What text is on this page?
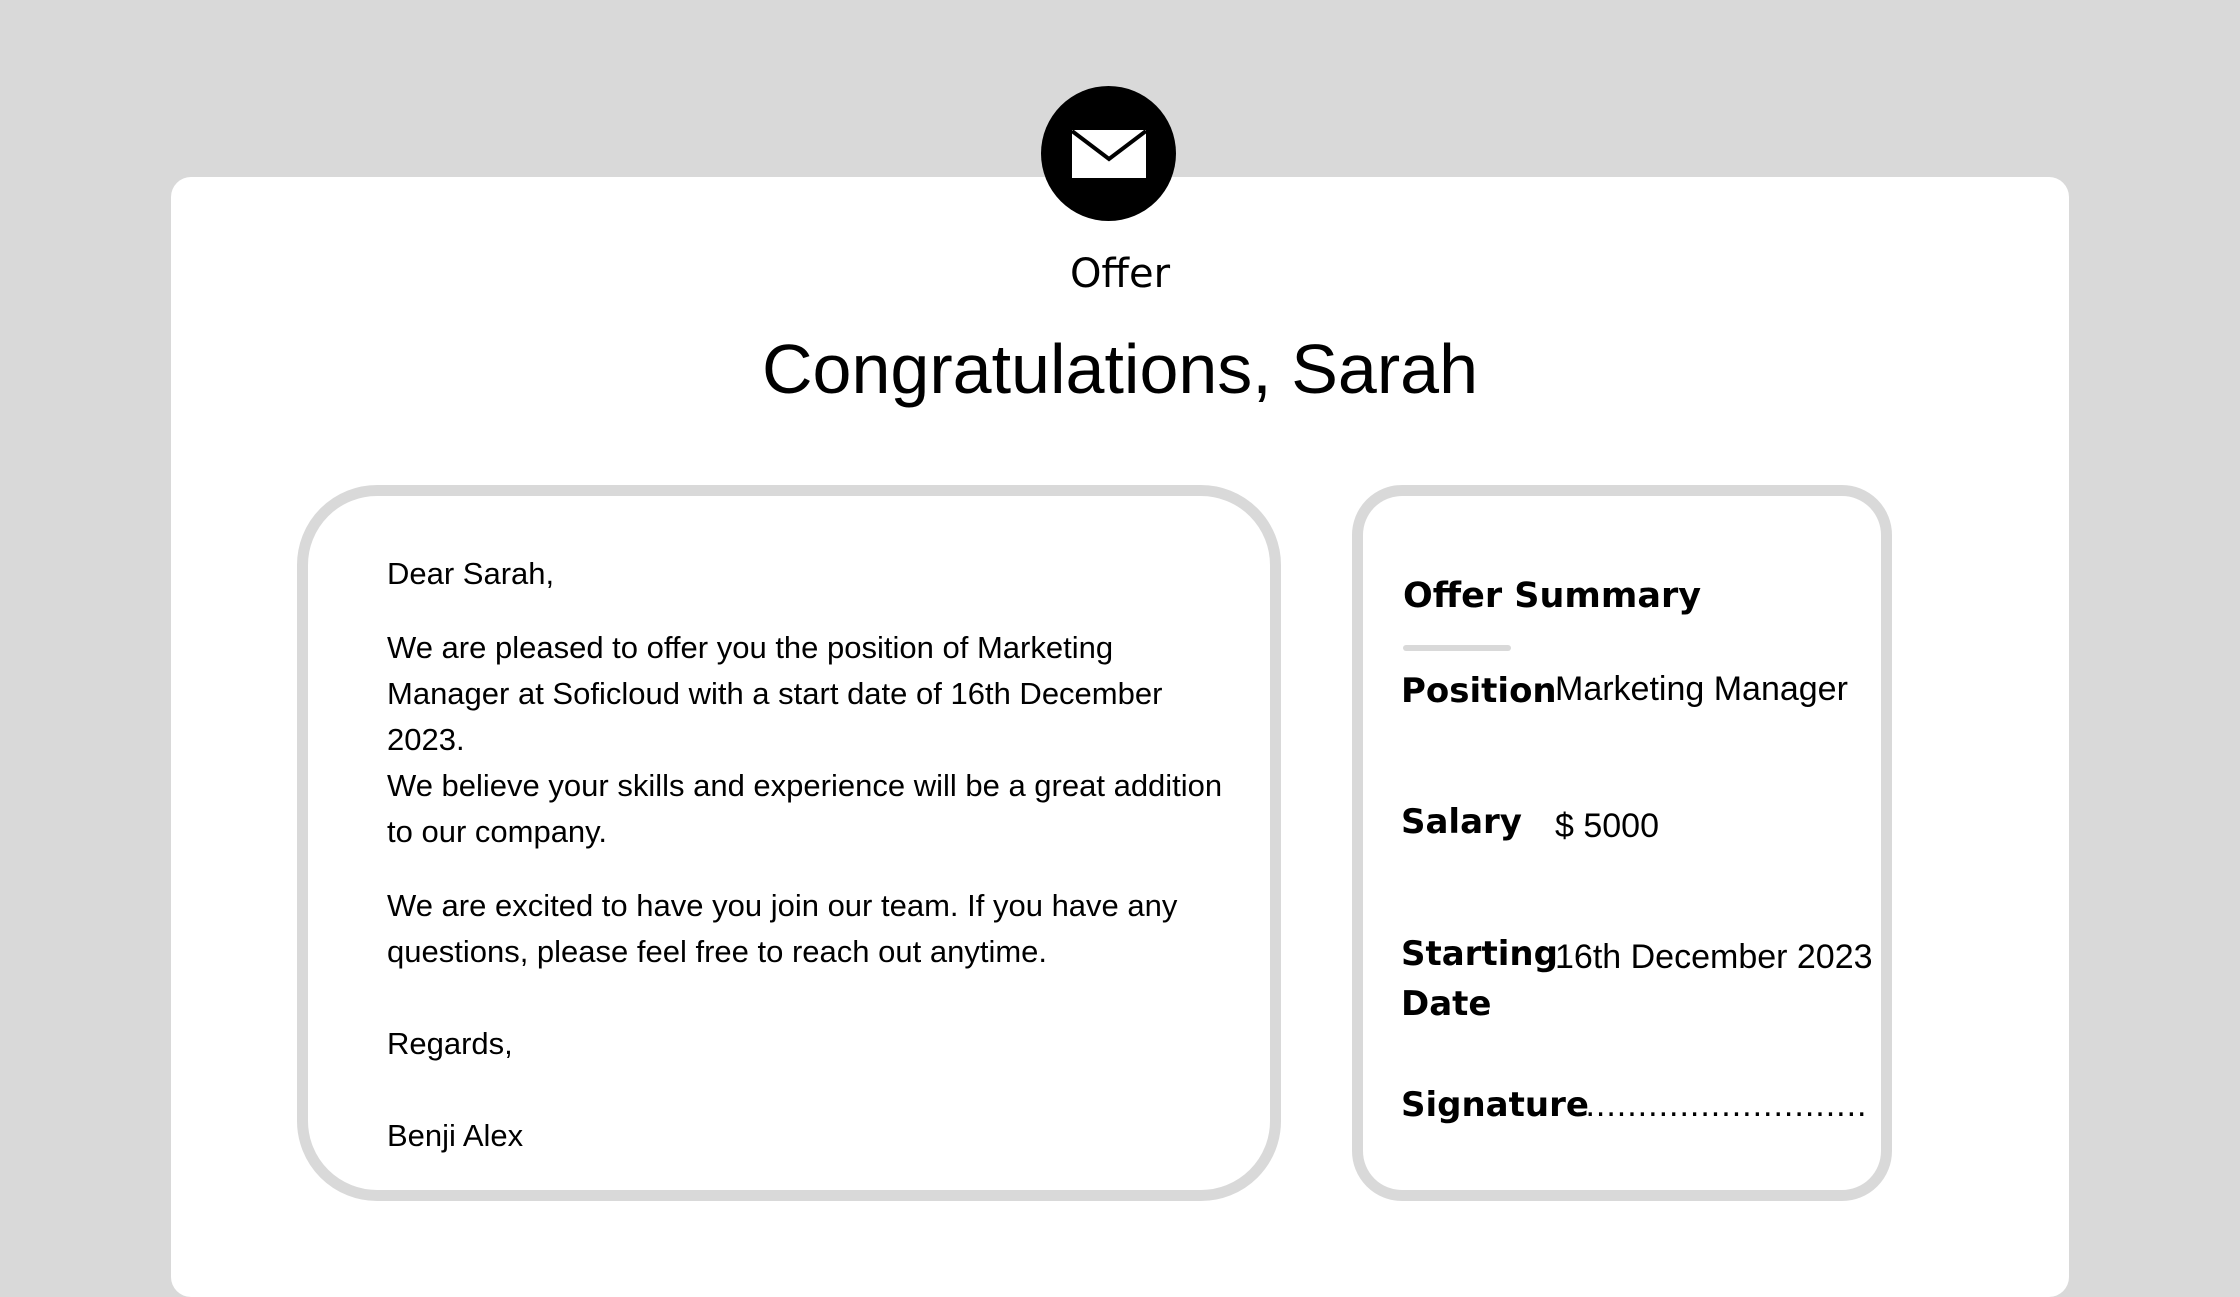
Offer
Congratulations, Sarah

Dear Sarah,

We are pleased to offer you the position of Marketing

Manager at Soficloud with a start date of 16th December

2023.

We believe your skills and experience will be a great addition

to our company.

We are excited to have you join our team. If you have any

questions, please feel free to reach out anytime.

Regards,

Benji Alex

Offer Summary
Position
Marketing Manager
Salary $ 5000
Starting Date
16th December 2023
Signature
............................
